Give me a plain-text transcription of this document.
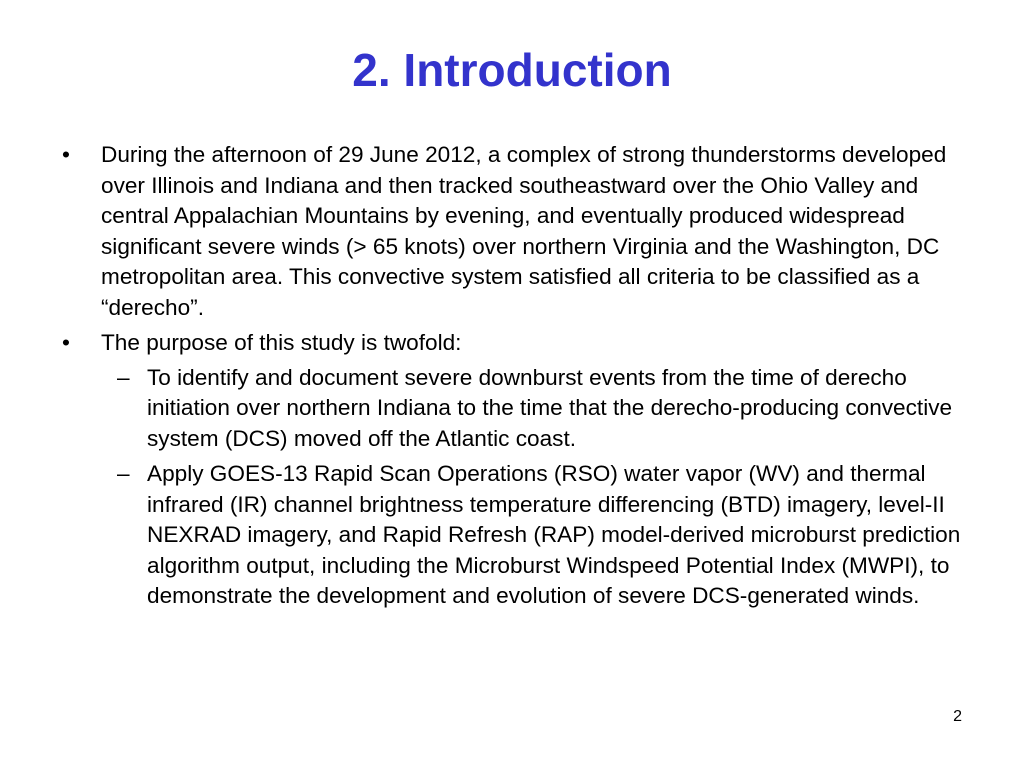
2. Introduction
• During the afternoon of 29 June 2012, a complex of strong thunderstorms developed over Illinois and Indiana and then tracked southeastward over the Ohio Valley and central Appalachian Mountains by evening, and eventually produced widespread significant severe winds (> 65 knots) over northern Virginia and the Washington, DC metropolitan area. This convective system satisfied all criteria to be classified as a “derecho”.
• The purpose of this study is twofold:
– To identify and document severe downburst events from the time of derecho initiation over northern Indiana to the time that the derecho-producing convective system (DCS) moved off the Atlantic coast.
– Apply GOES-13 Rapid Scan Operations (RSO) water vapor (WV) and thermal infrared (IR) channel brightness temperature differencing (BTD) imagery, level-II NEXRAD imagery, and Rapid Refresh (RAP) model-derived microburst prediction algorithm output, including the Microburst Windspeed Potential Index (MWPI), to demonstrate the development and evolution of severe DCS-generated winds.
2
